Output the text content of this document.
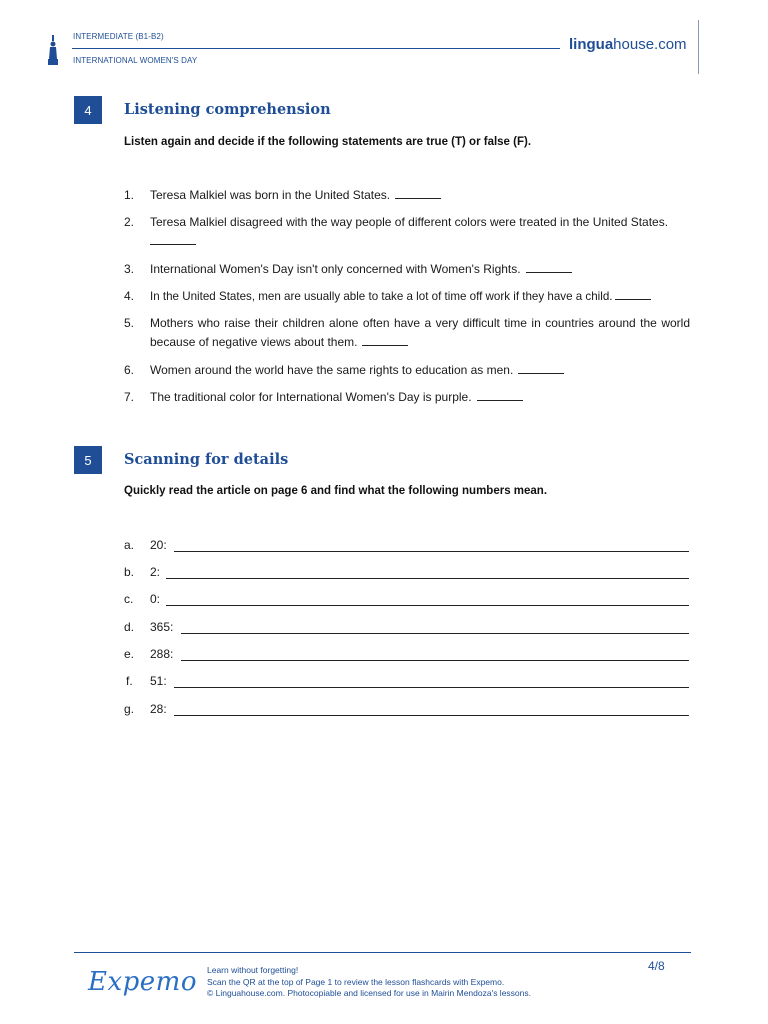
INTERMEDIATE (B1-B2)
INTERNATIONAL WOMEN'S DAY
linguahouse.com
4	Listening comprehension
Listen again and decide if the following statements are true (T) or false (F).
1. Teresa Malkiel was born in the United States.
2. Teresa Malkiel disagreed with the way people of different colors were treated in the United States.

3. International Women's Day isn't only concerned with Women's Rights.
4. In the United States, men are usually able to take a lot of time off work if they have a child.
5. Mothers who raise their children alone often have a very difficult time in countries around the world because of negative views about them.
6. Women around the world have the same rights to education as men.
7. The traditional color for International Women's Day is purple.
5	Scanning for details
Quickly read the article on page 6 and find what the following numbers mean.
a. 20:
b. 2:
c. 0:
d. 365:
e. 288:
f. 51:
g. 28:
Expemo Learn without forgetting!
Scan the QR at the top of Page 1 to review the lesson flashcards with Expemo.
© Linguahouse.com. Photocopiable and licensed for use in Mairin Mendoza's lessons.
4/8
